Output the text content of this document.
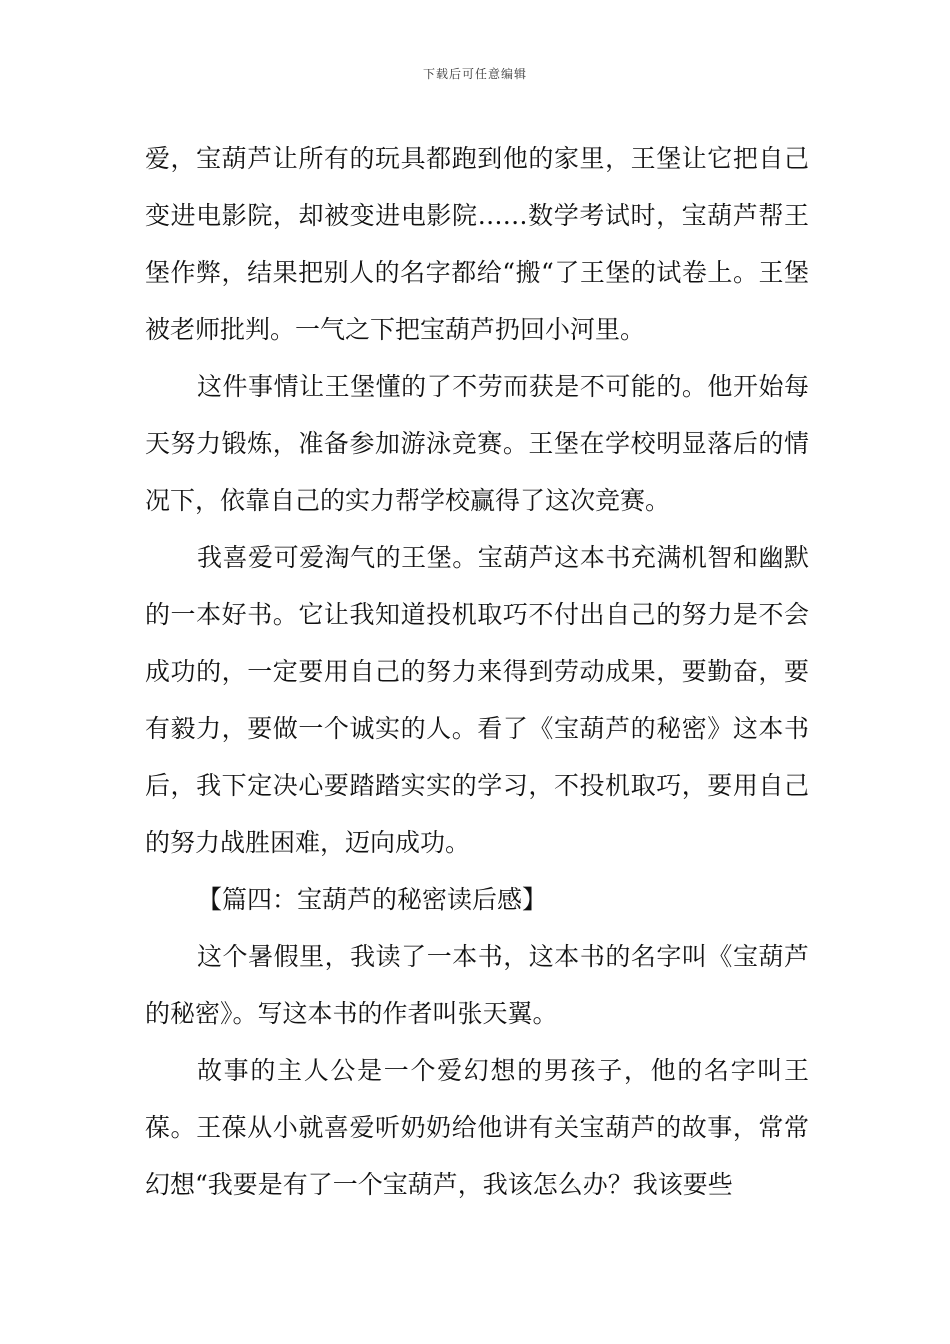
下载后可任意编辑

爱，宝葫芦让所有的玩具都跑到他的家里，王堡让它把自己变进电影院，却被变进电影院……数学考试时，宝葫芦帮王堡作弊，结果把别人的名字都给“搬“了王堡的试卷上。王堡被老师批判。一气之下把宝葫芦扔回小河里。

这件事情让王堡懂的了不劳而获是不可能的。他开始每天努力锻炼，准备参加游泳竞赛。王堡在学校明显落后的情况下，依靠自己的实力帮学校赢得了这次竞赛。

我喜爱可爱淘气的王堡。宝葫芦这本书充满机智和幽默的一本好书。它让我知道投机取巧不付出自己的努力是不会成功的，一定要用自己的努力来得到劳动成果，要勤奋，要有毅力，要做一个诚实的人。看了《宝葫芦的秘密》这本书后，我下定决心要踏踏实实的学习，不投机取巧，要用自己的努力战胜困难，迈向成功。

【篇四：宝葫芦的秘密读后感】

这个暑假里，我读了一本书，这本书的名字叫《宝葫芦的秘密》。写这本书的作者叫张天翼。

故事的主人公是一个爱幻想的男孩子，他的名字叫王葆。王葆从小就喜爱听奶奶给他讲有关宝葫芦的故事，常常幻想“我要是有了一个宝葫芦，我该怎么办？我该要些
